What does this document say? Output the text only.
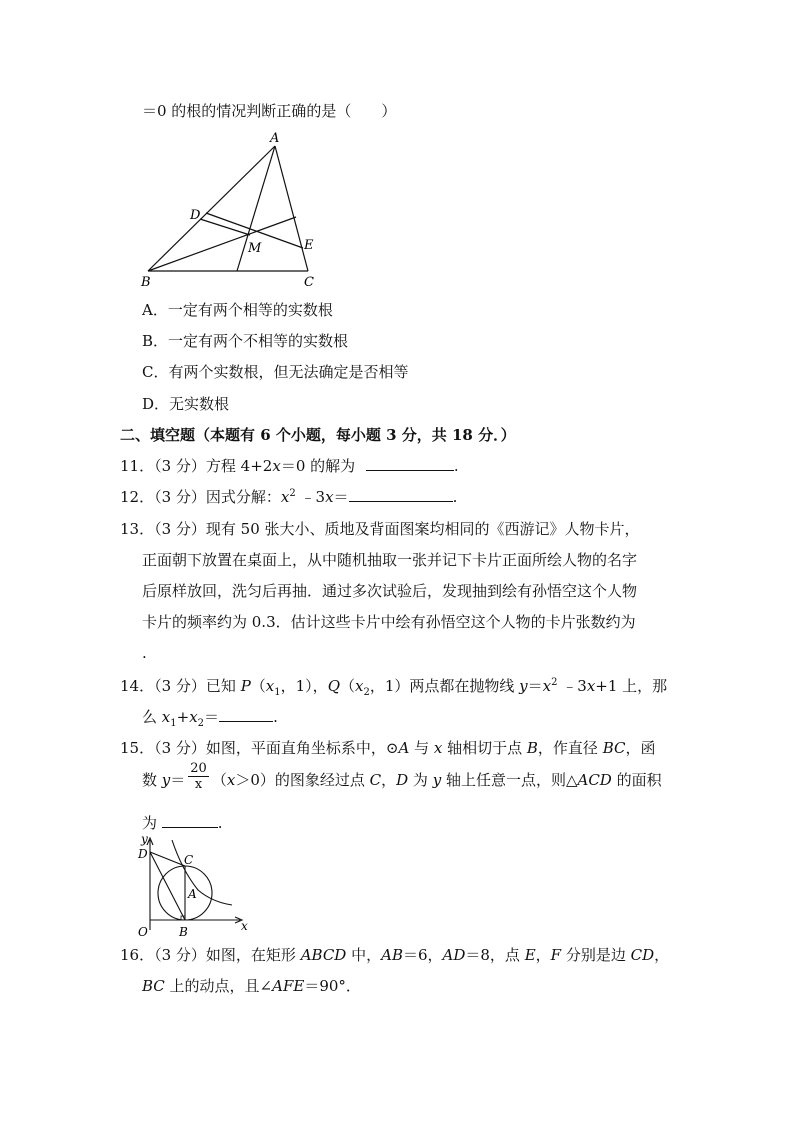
＝0 的根的情况判断正确的是（　　）
A
D
M	E
B	C
A．一定有两个相等的实数根
B．一定有两个不相等的实数根
C．有两个实数根，但无法确定是否相等
D．无实数根
二、填空题（本题有 6 个小题，每小题 3 分，共 18 分．）
11．（3 分）方程 4+2x＝0 的解为	.
12．（3 分）因式分解：$x^2$ ﹣3x＝	.
13．（3 分）现有 50 张大小、质地及背面图案均相同的《西游记》人物卡片，
正面朝下放置在桌面上，从中随机抽取一张并记下卡片正面所绘人物的名字
后原样放回，洗匀后再抽．通过多次试验后，发现抽到绘有孙悟空这个人物
卡片的频率约为 0.3．估计这些卡片中绘有孙悟空这个人物的卡片张数约为
.
14．（3 分）已知 $P(x_1$，1），$Q(x_2$，1）两点都在抛物线 $y=x^2$ ﹣3x+1 上，那
么 $x_1+x_2=$	.
15．（3 分）如图，平面直角坐标系中，⊙A 与 x 轴相切于点 B，作直径 BC，函
数 $y= \frac{20}{x} (x>0)$的图象经过点 C，D 为 y 轴上任意一点，则△ACD 的面积
为	.
y
x
O
D	C
A
B
16．（3 分）如图，在矩形 ABCD 中，AB＝6，AD＝8，点 E，F 分别是边 CD，
BC 上的动点，且∠AFE＝90°．
